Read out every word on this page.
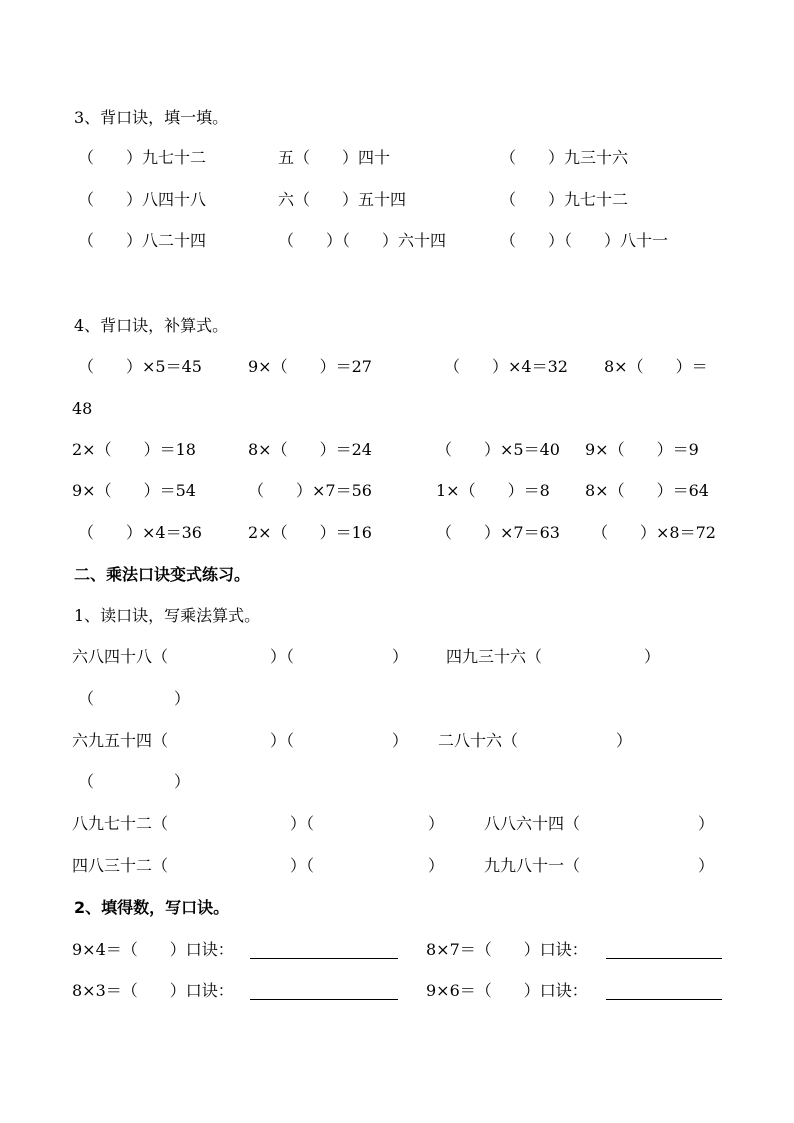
3、背口诀，填一填。
（　　）九七十二	五（　　）四十	（　　）九三十六
（　　）八四十八	六（　　）五十四	（　　）九七十二
（　　）八二十四	（　　）（　　）六十四	（　　）（　　）八十一
4、背口诀，补算式。
（　　）×5＝45	9×（　　）＝27	（　　）×4＝32 8×（　　）＝
48
2×（　　）＝18	8×（　　）＝24	（　　）×5＝40 9×（　　）＝9
9×（　　）＝54	（　　）×7＝56	1×（　　）＝8 8×（　　）＝64
（　　）×4＝36	2×（　　）＝16	（　　）×7＝63 （　　）×8＝72
二、乘法口诀变式练习。
1、读口诀，写乘法算式。
六八四十八（	）（	） 四九三十六（	）
（	）
六九五十四（	）（	） 二八十六（	）
（	）
八九七十二（	）（	） 八八六十四（	）
四八三十二（	）（	） 九九八十一（	）
2、填得数，写口诀。
9×4＝（　　）口诀：	8×7＝（　　）口诀：
8×3＝（　　）口诀：	9×6＝（　　）口诀：
